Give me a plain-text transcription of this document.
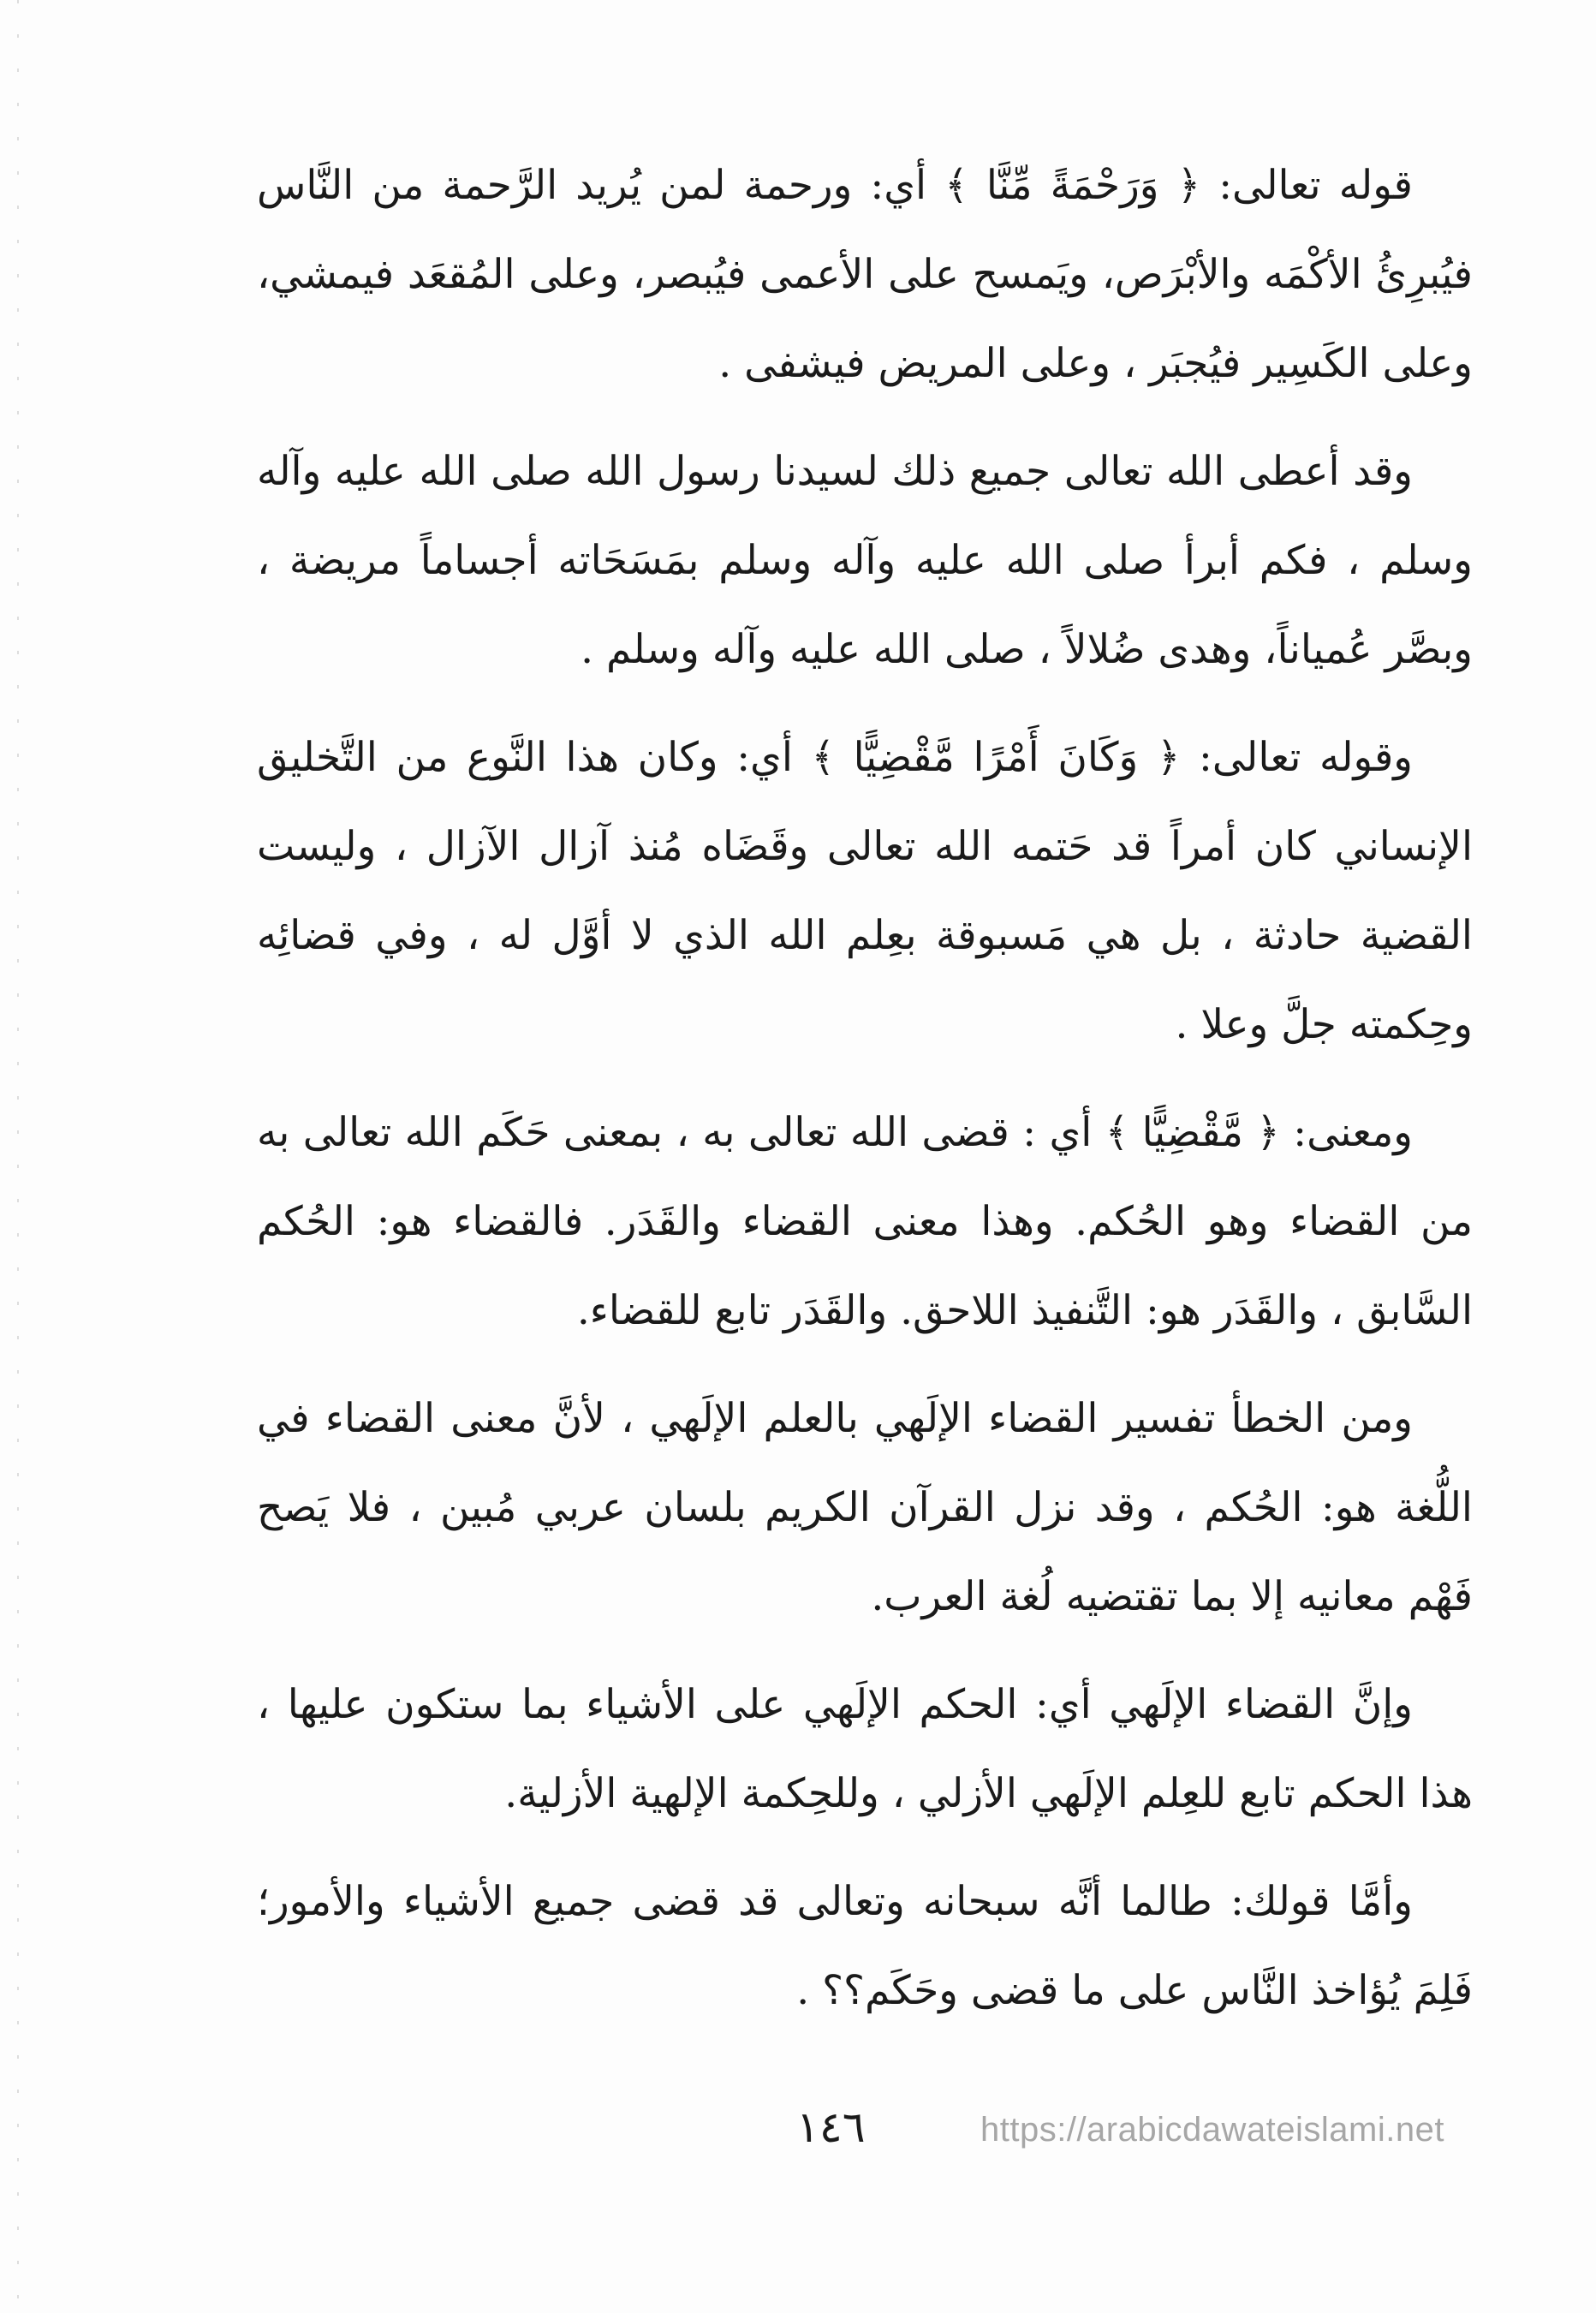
قوله تعالى: ﴿ وَرَحْمَةً مِّنَّا ﴾ أي: ورحمة لمن يُريد الرَّحمة من النَّاس فيُبرِئُ الأكْمَه والأبْرَص، ويَمسح على الأعمى فيُبصر، وعلى المُقعَد فيمشي، وعلى الكَسِير فيُجبَر ، وعلى المريض فيشفى .

وقد أعطى الله تعالى جميع ذلك لسيدنا رسول الله صلى الله عليه وآله وسلم ، فكم أبرأ صلى الله عليه وآله وسلم بمَسَحَاته أجساماً مريضة ، وبصَّر عُمياناً، وهدى ضُلالاً ، صلى الله عليه وآله وسلم .

وقوله تعالى: ﴿ وَكَانَ أَمْرًا مَّقْضِيًّا ﴾ أي: وكان هذا النَّوع من التَّخليق الإنساني كان أمراً قد حَتمه الله تعالى وقَضَاه مُنذ آزال الآزال ، وليست القضية حادثة ، بل هي مَسبوقة بعِلم الله الذي لا أوَّل له ، وفي قضائِه وحِكمته جلَّ وعلا .

ومعنى: ﴿ مَّقْضِيًّا ﴾ أي : قضى الله تعالى به ، بمعنى حَكَم الله تعالى به من القضاء وهو الحُكم. وهذا معنى القضاء والقَدَر. فالقضاء هو: الحُكم السَّابق ، والقَدَر هو: التَّنفيذ اللاحق. والقَدَر تابع للقضاء.

ومن الخطأ تفسير القضاء الإلَهي بالعلم الإلَهي ، لأنَّ معنى القضاء في اللُّغة هو: الحُكم ، وقد نزل القرآن الكريم بلسان عربي مُبين ، فلا يَصح فَهْم معانيه إلا بما تقتضيه لُغة العرب.

وإنَّ القضاء الإلَهي أي: الحكم الإلَهي على الأشياء بما ستكون عليها ، هذا الحكم تابع للعِلم الإلَهي الأزلي ، وللحِكمة الإلهية الأزلية.

وأمَّا قولك: طالما أنَّه سبحانه وتعالى قد قضى جميع الأشياء والأمور؛ فَلِمَ يُؤاخذ النَّاس على ما قضى وحَكَم؟؟ .

١٤٦	https://arabicdawateislami.net
